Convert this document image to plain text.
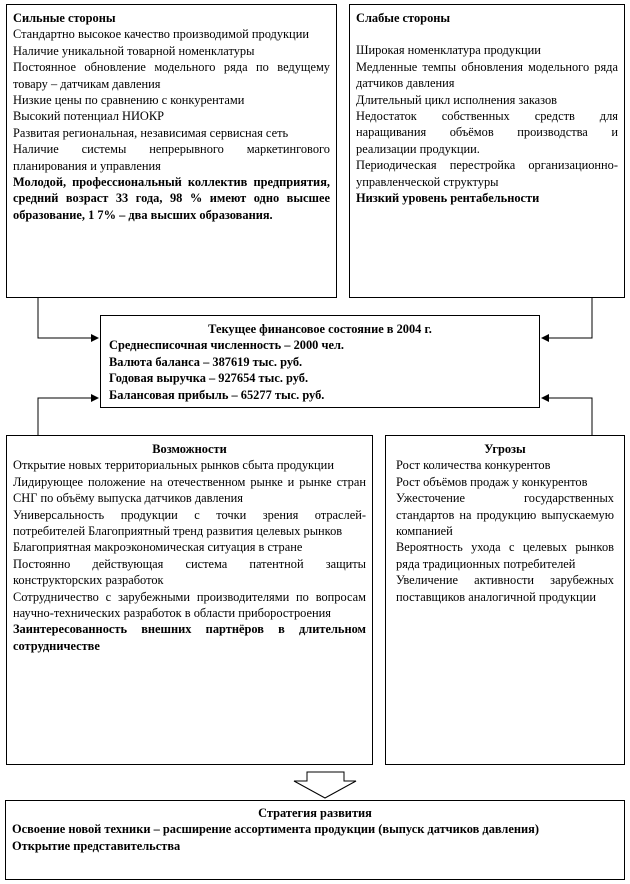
Сильные стороны

Стандартно высокое качество производимой продукции

Наличие уникальной товарной номенклатуры

Постоянное обновление модельного ряда по ведущему товару – датчикам давления

Низкие цены по сравнению с конкурентами

Высокий потенциал НИОКР

Развитая региональная, независимая сервисная сеть

Наличие системы непрерывного маркетингового планирования и управления

Молодой, профессиональный коллектив предприятия, средний возраст 33 года, 98 % имеют одно высшее образование, 1 7% – два высших образования.

Слабые стороны

Широкая номенклатура продукции

Медленные темпы обновления модельного ряда датчиков давления

Длительный цикл исполнения заказов

Недостаток собственных средств для наращивания объёмов производства и реализации продукции.

Периодическая перестройка организационно-управленческой структуры

Низкий уровень рентабельности

Текущее финансовое состояние в 2004 г.

Среднесписочная численность – 2000 чел.

Валюта баланса – 387619 тыс. руб.

Годовая выручка – 927654 тыс. руб.

Балансовая прибыль – 65277 тыс. руб.

Возможности

Открытие новых территориальных рынков сбыта продукции

Лидирующее положение на отечественном рынке и рынке стран СНГ по объёму выпуска датчиков давления

Универсальность продукции с точки зрения отраслей-потребителей Благоприятный тренд развития целевых рынков

Благоприятная макроэкономическая ситуация в стране

Постоянно действующая система патентной защиты конструкторских разработок

Сотрудничество с зарубежными производителями по вопросам научно-технических разработок в области приборостроения

Заинтересованность внешних партнёров в длительном сотрудничестве

Угрозы

Рост количества конкурентов

Рост объёмов продаж у конкурентов

Ужесточение государственных стандартов на продукцию выпускаемую компанией

Вероятность ухода с целевых рынков ряда традиционных потребителей

Увеличение активности зарубежных поставщиков аналогичной продукции

Стратегия развития

Освоение новой техники – расширение ассортимента продукции (выпуск датчиков давления)

Открытие представительства
